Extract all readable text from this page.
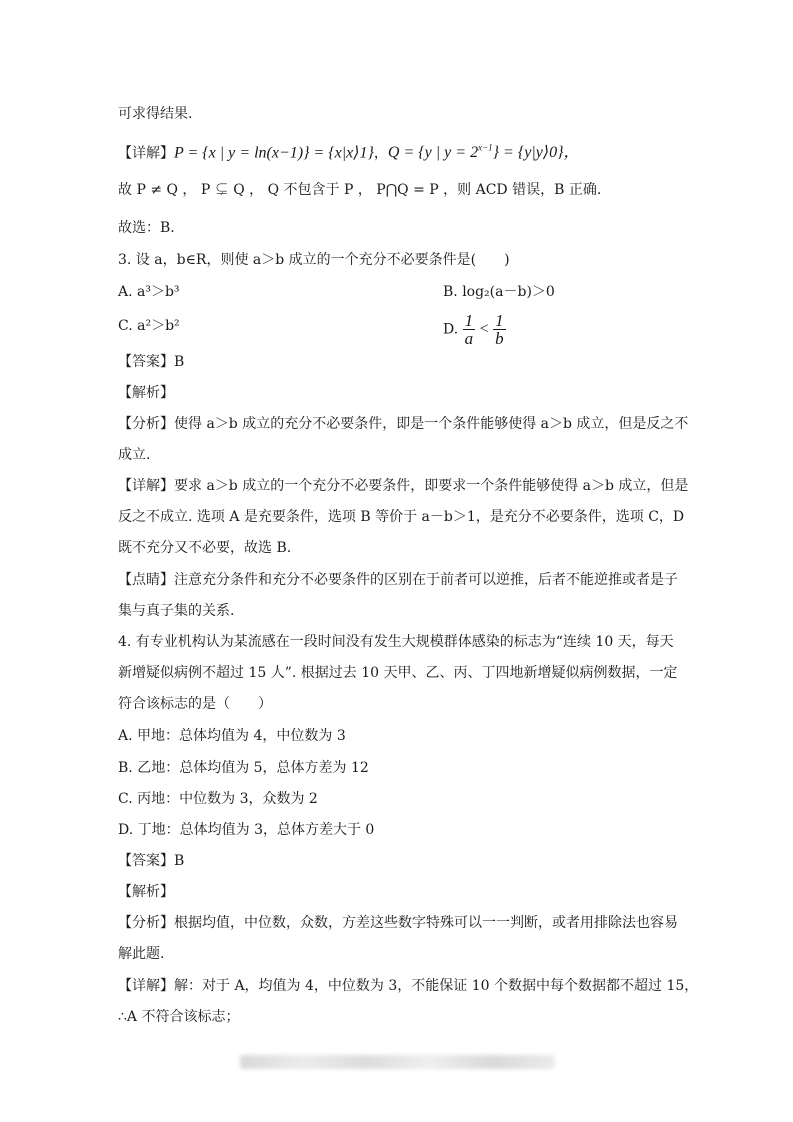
可求得结果.
【详解】P = {x | y = ln(x−1)} = {x|x⟩1}，Q = {y | $y = 2^{x-1}$} = {y|y⟩0}，
故 P ≠ Q ， P ⊊ Q ， Q 不包含于 P ， P⋂Q = P ，则 ACD 错误，B 正确.
故选：B.
3. 设 a，b∈R，则使 a＞b 成立的一个充分不必要条件是(　　)
A. a³＞b³	B. log₂(a－b)＞0
C. a²＞b²	D. $\frac{1}{a} < \frac{1}{b}$
【答案】B
【解析】
【分析】使得 a＞b 成立的充分不必要条件，即是一个条件能够使得 a＞b 成立，但是反之不
成立.
【详解】要求 a＞b 成立的一个充分不必要条件，即要求一个条件能够使得 a＞b 成立，但是
反之不成立. 选项 A 是充要条件，选项 B 等价于 a－b＞1，是充分不必要条件，选项 C，D
既不充分又不必要，故选 B.
【点睛】注意充分条件和充分不必要条件的区别在于前者可以逆推，后者不能逆推或者是子
集与真子集的关系.
4. 有专业机构认为某流感在一段时间没有发生大规模群体感染的标志为“连续 10 天，每天
新增疑似病例不超过 15 人”. 根据过去 10 天甲、乙、丙、丁四地新增疑似病例数据，一定
符合该标志的是（　　）
A. 甲地：总体均值为 4，中位数为 3
B. 乙地：总体均值为 5，总体方差为 12
C. 丙地：中位数为 3，众数为 2
D. 丁地：总体均值为 3，总体方差大于 0
【答案】B
【解析】
【分析】根据均值，中位数，众数，方差这些数字特殊可以一一判断，或者用排除法也容易
解此题.
【详解】解：对于 A，均值为 4，中位数为 3，不能保证 10 个数据中每个数据都不超过 15，
∴A 不符合该标志；
